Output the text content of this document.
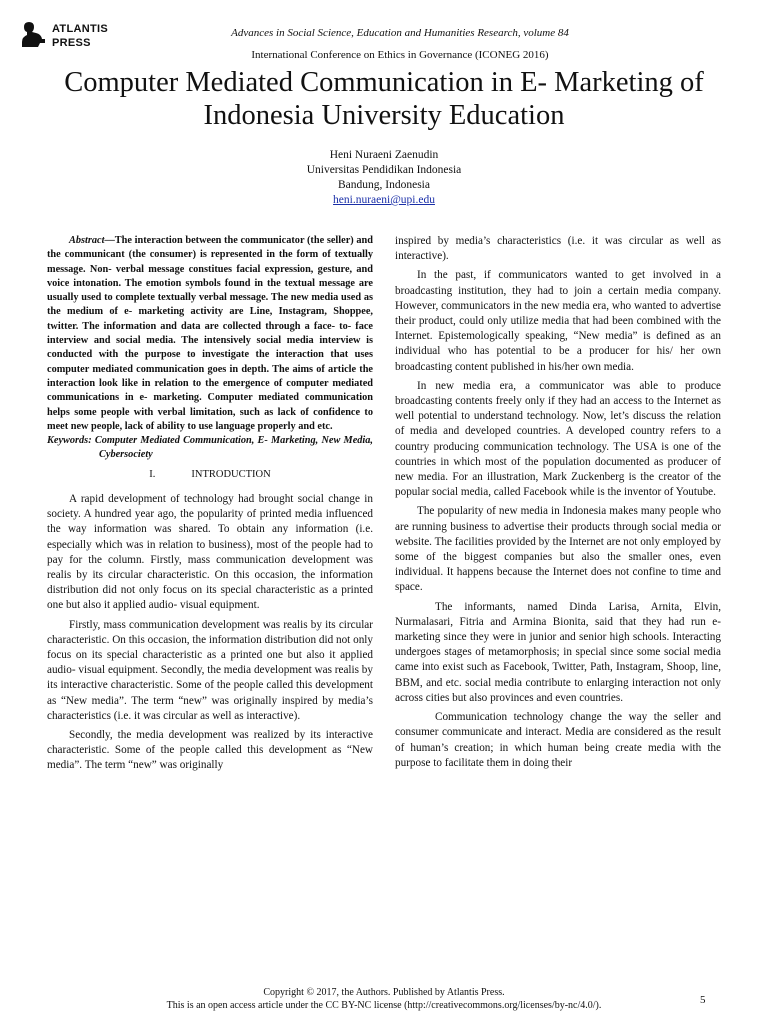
ATLANTIS
PRESS
Advances in Social Science, Education and Humanities Research, volume 84
International Conference on Ethics in Governance (ICONEG 2016)
Computer Mediated Communication in E- Marketing of Indonesia University Education
Heni Nuraeni Zaenudin
Universitas Pendidikan Indonesia
Bandung, Indonesia
heni.nuraeni@upi.edu
Abstract—The interaction between the communicator (the seller) and the communicant (the consumer) is represented in the form of textually message. Non- verbal message constitues facial expression, gesture, and voice intonation. The emotion symbols found in the textual message are usually used to complete textually verbal message. The new media used as the medium of e- marketing activity are Line, Instagram, Shoppee, twitter. The information and data are collected through a face- to- face interview and social media. The intensively social media interview is conducted with the purpose to investigate the interaction that uses computer mediated communication goes in depth. The aims of article the interaction look like in relation to the emergence of computer mediated communications in e- marketing. Computer mediated communication helps some people with verbal limitation, such as lack of confidence to meet new people, lack of ability to use language properly and etc.
Keywords: Computer Mediated Communication, E- Marketing, New Media, Cybersociety
I.	INTRODUCTION

A rapid development of technology had brought social change in society. A hundred year ago, the popularity of printed media influenced the way information was shared. To obtain any information (i.e. especially which was in relation to business), most of the people had to pay for the column. Firstly, mass communication development was realis by its circular characteristic. On this occasion, the information distribution did not only focus on its special characteristic as a printed one but also it applied audio- visual equipment.

Firstly, mass communication development was realis by its circular characteristic. On this occasion, the information distribution did not only focus on its special characteristic as a printed one but also it applied audio- visual equipment. Secondly, the media development was realis by its interactive characteristic. Some of the people called this development as “New media”. The term “new” was originally inspired by media’s characteristics (i.e. it was circular as well as interactive).

Secondly, the media development was realized by its interactive characteristic. Some of the people called this development as “New media”. The term “new” was originally

inspired by media’s characteristics (i.e. it was circular as well as interactive).

In the past, if communicators wanted to get involved in a broadcasting institution, they had to join a certain media company. However, communicators in the new media era, who wanted to advertise their product, could only utilize media that had been combined with the Internet. Epistemologically speaking, “New media” is defined as an individual who has potential to be a producer for his/ her own broadcasting content published in his/her own media.

In new media era, a communicator was able to produce broadcasting contents freely only if they had an access to the Internet as well potential to understand technology. Now, let’s discuss the relation of media and developed countries. A developed country refers to a country producing communication technology. The USA is one of the countries in which most of the population documented as producer of new media. For an illustration, Mark Zuckenberg is the creator of the popular social media, called Facebook while is the inventor of Youtube.

The popularity of new media in Indonesia makes many people who are running business to advertise their products through social media or website. The facilities provided by the Internet are not only employed by some of the biggest companies but also the smaller ones, even individual. It happens because the Internet does not confine to time and space.

The informants, named Dinda Larisa, Arnita, Elvin, Nurmalasari, Fitria and Armina Bionita, said that they had run e-marketing since they were in junior and senior high schools. Interacting undergoes stages of metamorphosis; in special since some social media came into exist such as Facebook, Twitter, Path, Instagram, Shoop, line, BBM, and etc. social media contribute to enlarging interaction not only across cities but also provinces and even countries.

Communication technology change the way the seller and consumer communicate and interact. Media are considered as the result of human’s creation; in which human being create media with the purpose to facilitate them in doing their

Copyright © 2017, the Authors. Published by Atlantis Press.
This is an open access article under the CC BY-NC license (http://creativecommons.org/licenses/by-nc/4.0/).	5
